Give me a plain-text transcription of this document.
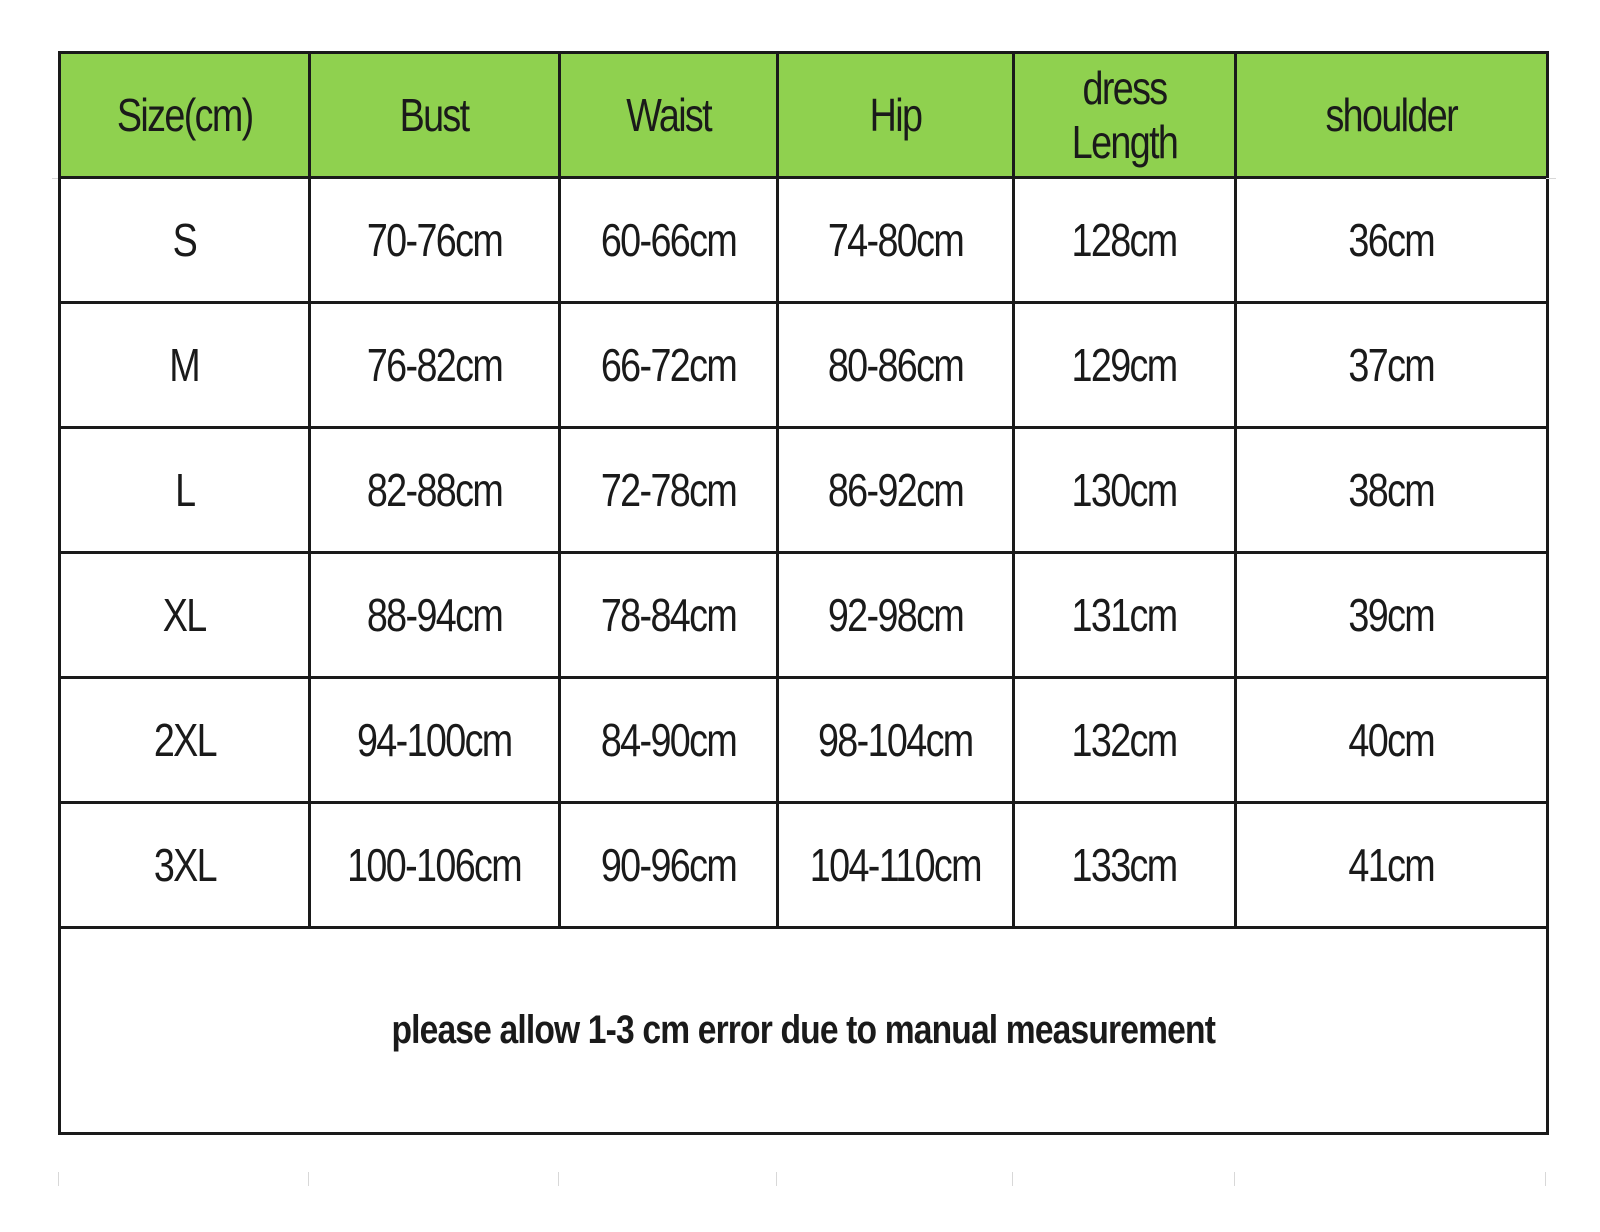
Size(cm)	Bust	Waist	Hip	dress Length	shoulder
S	70-76cm	60-66cm	74-80cm	128cm	36cm
M	76-82cm	66-72cm	80-86cm	129cm	37cm
L	82-88cm	72-78cm	86-92cm	130cm	38cm
XL	88-94cm	78-84cm	92-98cm	131cm	39cm
2XL	94-100cm	84-90cm	98-104cm	132cm	40cm
3XL	100-106cm	90-96cm	104-110cm	133cm	41cm
please allow 1-3 cm error due to manual measurement					
